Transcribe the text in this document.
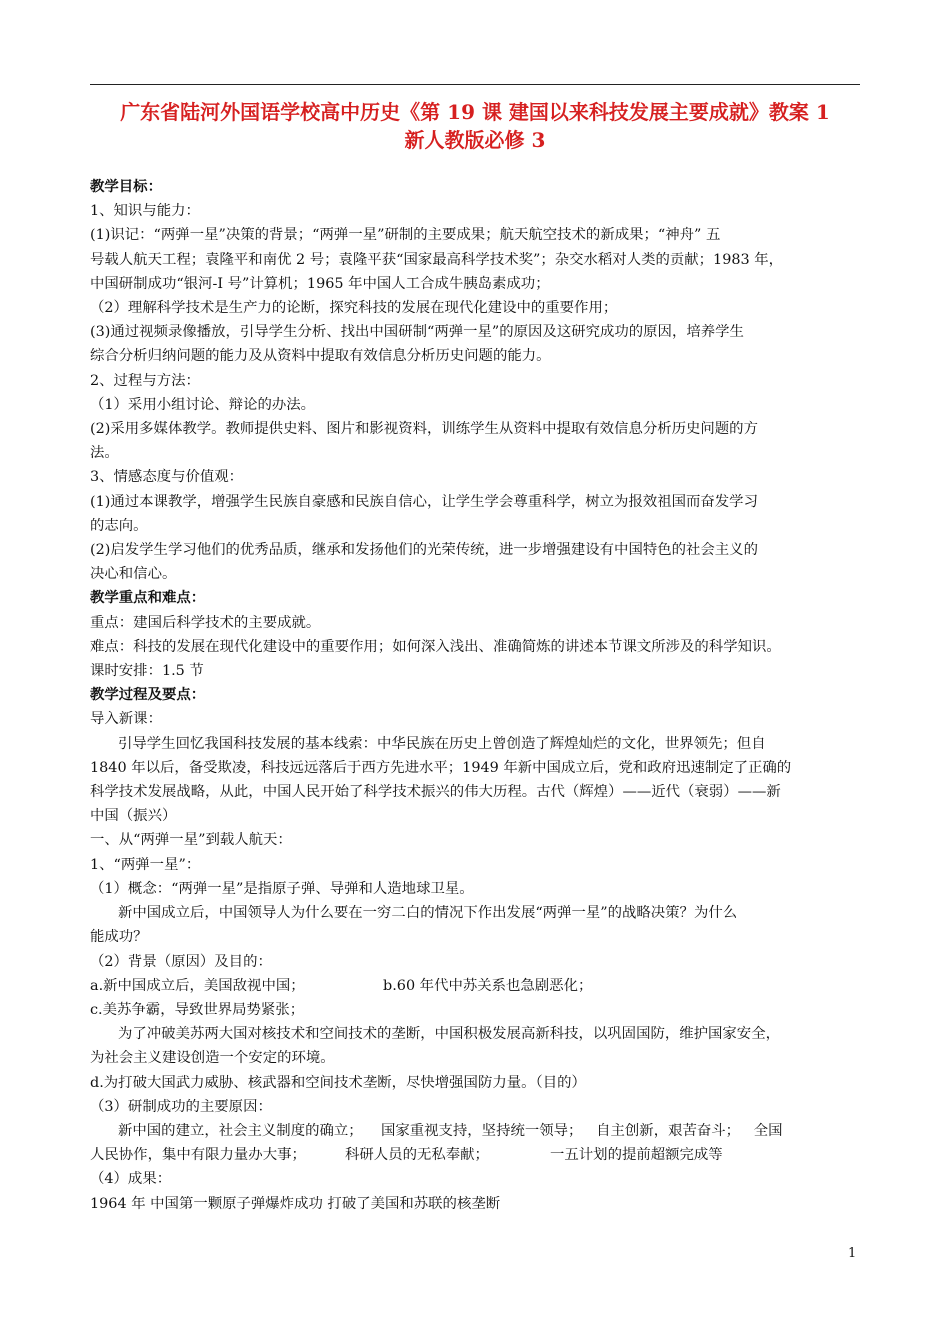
广东省陆河外国语学校高中历史《第 19 课 建国以来科技发展主要成就》教案 1
新人教版必修 3
教学目标：
1、知识与能力：
(1)识记：“两弹一星”决策的背景；“两弹一星”研制的主要成果；航天航空技术的新成果；“神舟” 五
号载人航天工程；袁隆平和南优 2 号；袁隆平获“国家最高科学技术奖”；杂交水稻对人类的贡献；1983 年，
中国研制成功“银河-Ⅰ 号”计算机；1965 年中国人工合成牛胰岛素成功；
（2）理解科学技术是生产力的论断，探究科技的发展在现代化建设中的重要作用；
(3)通过视频录像播放，引导学生分析、找出中国研制“两弹一星”的原因及这研究成功的原因，培养学生
综合分析归纳问题的能力及从资料中提取有效信息分析历史问题的能力。
2、过程与方法：
（1）采用小组讨论、辩论的办法。
(2)采用多媒体教学。教师提供史料、图片和影视资料，训练学生从资料中提取有效信息分析历史问题的方
法。
3、情感态度与价值观：
(1)通过本课教学，增强学生民族自豪感和民族自信心，让学生学会尊重科学，树立为报效祖国而奋发学习
的志向。
(2)启发学生学习他们的优秀品质，继承和发扬他们的光荣传统，进一步增强建设有中国特色的社会主义的
决心和信心。
教学重点和难点：
重点：建国后科学技术的主要成就。
难点：科技的发展在现代化建设中的重要作用；如何深入浅出、准确简炼的讲述本节课文所涉及的科学知识。
课时安排：1.5 节
教学过程及要点：
导入新课：
引导学生回忆我国科技发展的基本线索：中华民族在历史上曾创造了辉煌灿烂的文化，世界领先；但自
1840 年以后，备受欺凌，科技远远落后于西方先进水平；1949 年新中国成立后，党和政府迅速制定了正确的
科学技术发展战略，从此，中国人民开始了科学技术振兴的伟大历程。古代（辉煌）——近代（衰弱）——新
中国（振兴）
一、从“两弹一星”到载人航天：
1、“两弹一星”：
（1）概念：“两弹一星”是指原子弹、导弹和人造地球卫星。
新中国成立后，中国领导人为什么要在一穷二白的情况下作出发展“两弹一星”的战略决策？为什么
能成功？
（2）背景（原因）及目的：
a.新中国成立后，美国敌视中国；	b.60 年代中苏关系也急剧恶化；
c.美苏争霸，导致世界局势紧张；
为了冲破美苏两大国对核技术和空间技术的垄断，中国积极发展高新科技，以巩固国防，维护国家安全，
为社会主义建设创造一个安定的环境。
d.为打破大国武力威胁、核武器和空间技术垄断，尽快增强国防力量。（目的）
（3）研制成功的主要原因：
新中国的建立，社会主义制度的确立；    国家重视支持，坚持统一领导；   自主创新，艰苦奋斗；   全国
人民协作，集中有限力量办大事；	科研人员的无私奉献；	一五计划的提前超额完成等
（4）成果：
1964 年 中国第一颗原子弹爆炸成功 打破了美国和苏联的核垄断
1
